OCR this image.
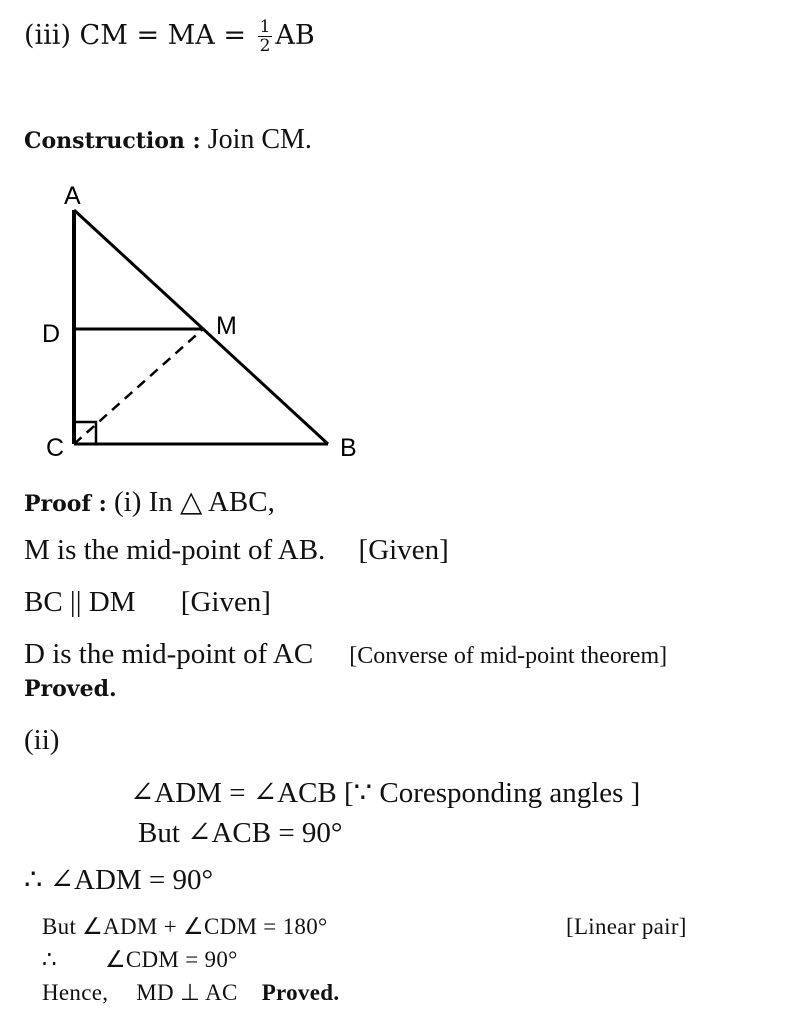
(iii) CM = MA = $\frac{1}{2}$ AB
Construction : Join CM.
A
D	M
C	B
Proof : (i) In △ ABC,
M is the mid-point of AB. [Given]
BC || DM [Given]
D is the mid-point of AC [Converse of mid-point theorem]
Proved.
(ii)
∠ADM = ∠ACB [∵ Coresponding angles ]
But ∠ACB = 90°
∴ ∠ADM = 90°
But ∠ADM + ∠CDM = 180°	[Linear pair]
∴ ∠CDM = 90°
Hence, MD ⊥ AC Proved.
